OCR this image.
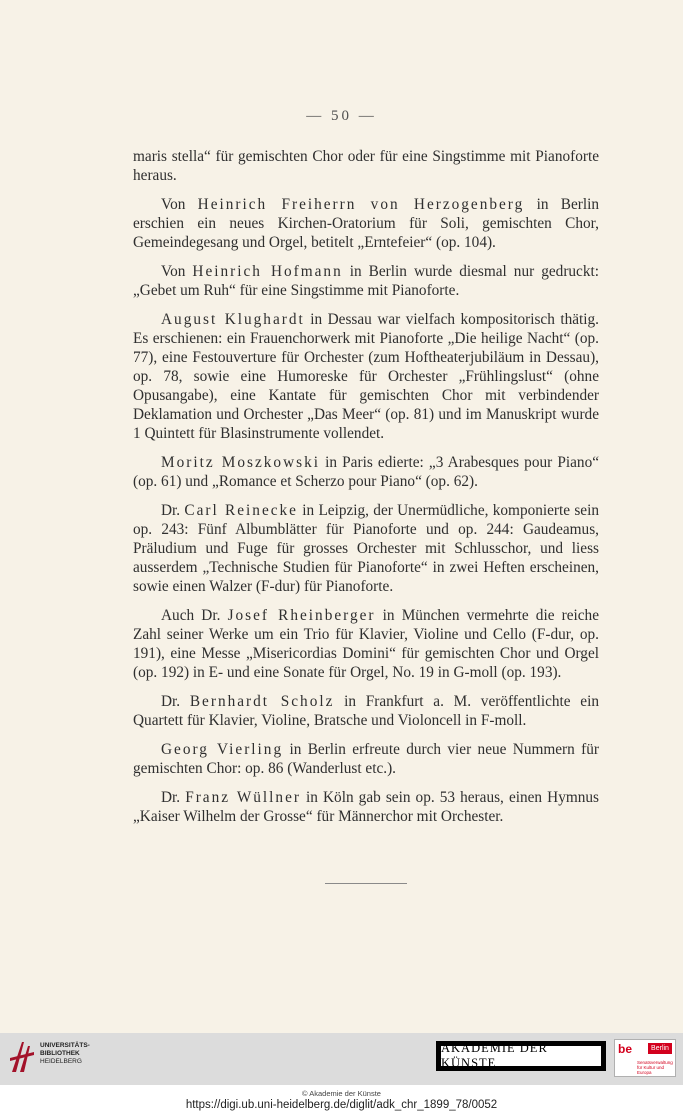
— 50 —

maris stella“ für gemischten Chor oder für eine Singstimme mit Pianoforte heraus.

Von Heinrich Freiherrn von Herzogenberg in Berlin erschien ein neues Kirchen-Oratorium für Soli, gemischten Chor, Gemeindegesang und Orgel, betitelt „Erntefeier“ (op. 104).

Von Heinrich Hofmann in Berlin wurde diesmal nur gedruckt: „Gebet um Ruh“ für eine Singstimme mit Pianoforte.

August Klughardt in Dessau war vielfach kompositorisch thätig. Es erschienen: ein Frauenchorwerk mit Pianoforte „Die heilige Nacht“ (op. 77), eine Festouverture für Orchester (zum Hoftheaterjubiläum in Dessau), op. 78, sowie eine Humoreske für Orchester „Frühlingslust“ (ohne Opusangabe), eine Kantate für gemischten Chor mit verbindender Deklamation und Orchester „Das Meer“ (op. 81) und im Manuskript wurde 1 Quintett für Blasinstrumente vollendet.

Moritz Moszkowski in Paris edierte: „3 Arabesques pour Piano“ (op. 61) und „Romance et Scherzo pour Piano“ (op. 62).

Dr. Carl Reinecke in Leipzig, der Unermüdliche, komponierte sein op. 243: Fünf Albumblätter für Pianoforte und op. 244: Gaudeamus, Präludium und Fuge für grosses Orchester mit Schlusschor, und liess ausserdem „Technische Studien für Pianoforte“ in zwei Heften erscheinen, sowie einen Walzer (F-dur) für Pianoforte.

Auch Dr. Josef Rheinberger in München vermehrte die reiche Zahl seiner Werke um ein Trio für Klavier, Violine und Cello (F-dur, op. 191), eine Messe „Misericordias Domini“ für gemischten Chor und Orgel (op. 192) in E- und eine Sonate für Orgel, No. 19 in G-moll (op. 193).

Dr. Bernhardt Scholz in Frankfurt a. M. veröffentlichte ein Quartett für Klavier, Violine, Bratsche und Violoncell in F-moll.

Georg Vierling in Berlin erfreute durch vier neue Nummern für gemischten Chor: op. 86 (Wanderlust etc.).

Dr. Franz Wüllner in Köln gab sein op. 53 heraus, einen Hymnus „Kaiser Wilhelm der Grosse“ für Männerchor mit Orchester.

UNIVERSITÄTS-
BIBLIOTHEK
HEIDELBERG
AKADEMIE DER KÜNSTE
be	Berlin
Senatsverwaltung
für Kultur und Europa
© Akademie der Künste
https://digi.ub.uni-heidelberg.de/diglit/adk_chr_1899_78/0052
